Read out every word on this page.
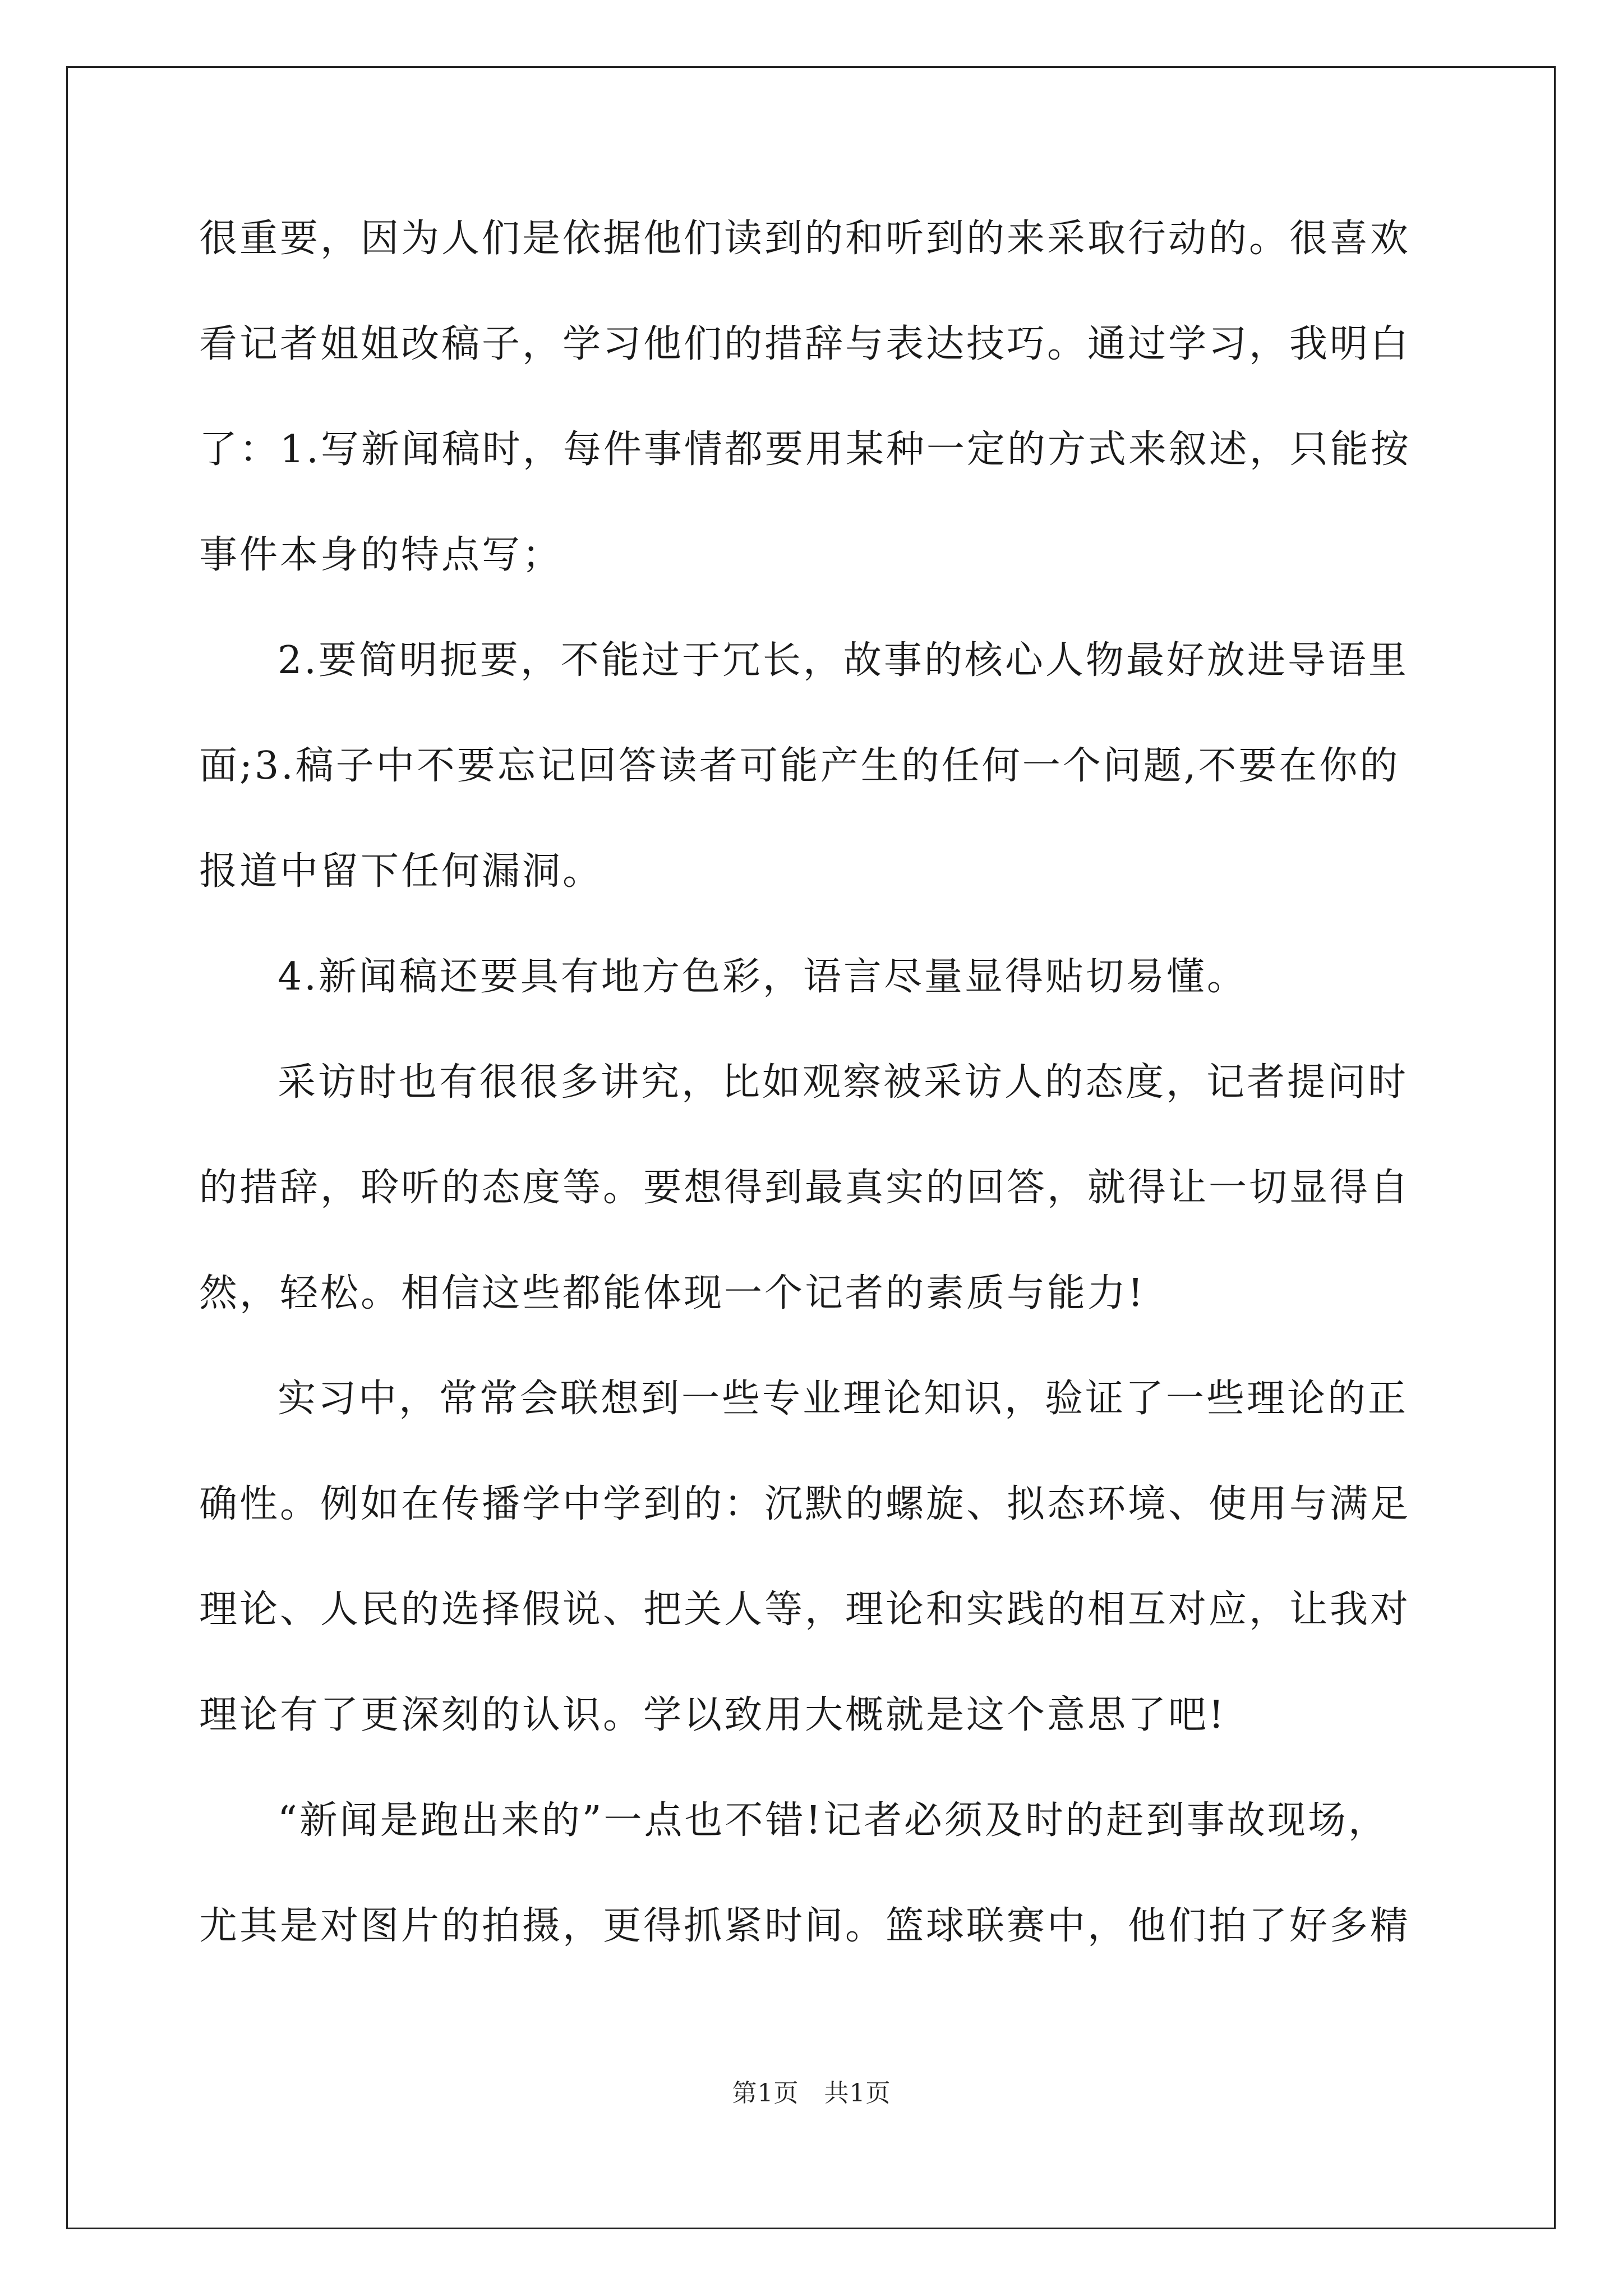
很重要，因为人们是依据他们读到的和听到的来采取行动的。很喜欢
看记者姐姐改稿子，学习他们的措辞与表达技巧。通过学习，我明白
了：1.写新闻稿时，每件事情都要用某种一定的方式来叙述，只能按
事件本身的特点写；
2.要简明扼要，不能过于冗长，故事的核心人物最好放进导语里
面;3.稿子中不要忘记回答读者可能产生的任何一个问题,不要在你的
报道中留下任何漏洞。
4.新闻稿还要具有地方色彩，语言尽量显得贴切易懂。
采访时也有很很多讲究，比如观察被采访人的态度，记者提问时
的措辞，聆听的态度等。要想得到最真实的回答，就得让一切显得自
然，轻松。相信这些都能体现一个记者的素质与能力!
实习中，常常会联想到一些专业理论知识，验证了一些理论的正
确性。例如在传播学中学到的：沉默的螺旋、拟态环境、使用与满足
理论、人民的选择假说、把关人等，理论和实践的相互对应，让我对
理论有了更深刻的认识。学以致用大概就是这个意思了吧!
“新闻是跑出来的”一点也不错!记者必须及时的赶到事故现场，
尤其是对图片的拍摄，更得抓紧时间。篮球联赛中，他们拍了好多精
第1页   共1页
